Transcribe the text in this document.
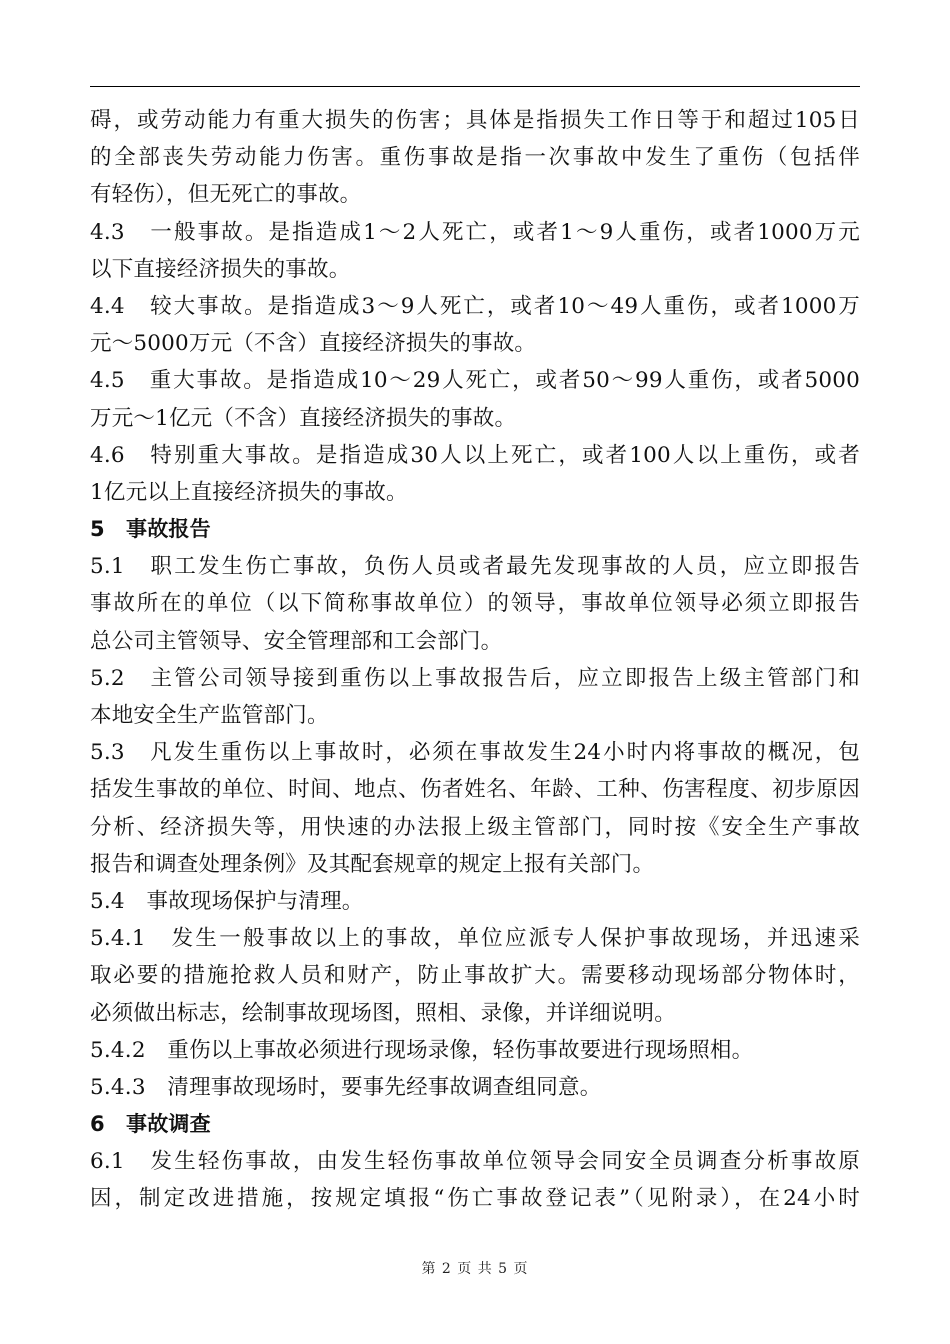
碍，或劳动能力有重大损失的伤害；具体是指损失工作日等于和超过105日
的全部丧失劳动能力伤害。重伤事故是指一次事故中发生了重伤（包括伴
有轻伤），但无死亡的事故。
4.3　一般事故。是指造成1～2人死亡，或者1～9人重伤，或者1000万元
以下直接经济损失的事故。
4.4　较大事故。是指造成3～9人死亡，或者10～49人重伤，或者1000万
元～5000万元（不含）直接经济损失的事故。
4.5　重大事故。是指造成10～29人死亡，或者50～99人重伤，或者5000
万元～1亿元（不含）直接经济损失的事故。
4.6　特别重大事故。是指造成30人以上死亡，或者100人以上重伤，或者
1亿元以上直接经济损失的事故。
5　事故报告
5.1　职工发生伤亡事故，负伤人员或者最先发现事故的人员，应立即报告
事故所在的单位（以下简称事故单位）的领导，事故单位领导必须立即报告
总公司主管领导、安全管理部和工会部门。
5.2　主管公司领导接到重伤以上事故报告后，应立即报告上级主管部门和
本地安全生产监管部门。
5.3　凡发生重伤以上事故时，必须在事故发生24小时内将事故的概况，包
括发生事故的单位、时间、地点、伤者姓名、年龄、工种、伤害程度、初步原因
分析、经济损失等，用快速的办法报上级主管部门，同时按《安全生产事故
报告和调查处理条例》及其配套规章的规定上报有关部门。
5.4　事故现场保护与清理。
5.4.1　发生一般事故以上的事故，单位应派专人保护事故现场，并迅速采
取必要的措施抢救人员和财产，防止事故扩大。需要移动现场部分物体时，
必须做出标志，绘制事故现场图，照相、录像，并详细说明。
5.4.2　重伤以上事故必须进行现场录像，轻伤事故要进行现场照相。
5.4.3　清理事故现场时，要事先经事故调查组同意。
6　事故调查
6.1　发生轻伤事故，由发生轻伤事故单位领导会同安全员调查分析事故原
因，制定改进措施，按规定填报“伤亡事故登记表”（见附录），在24小时
第 2 页 共 5 页
